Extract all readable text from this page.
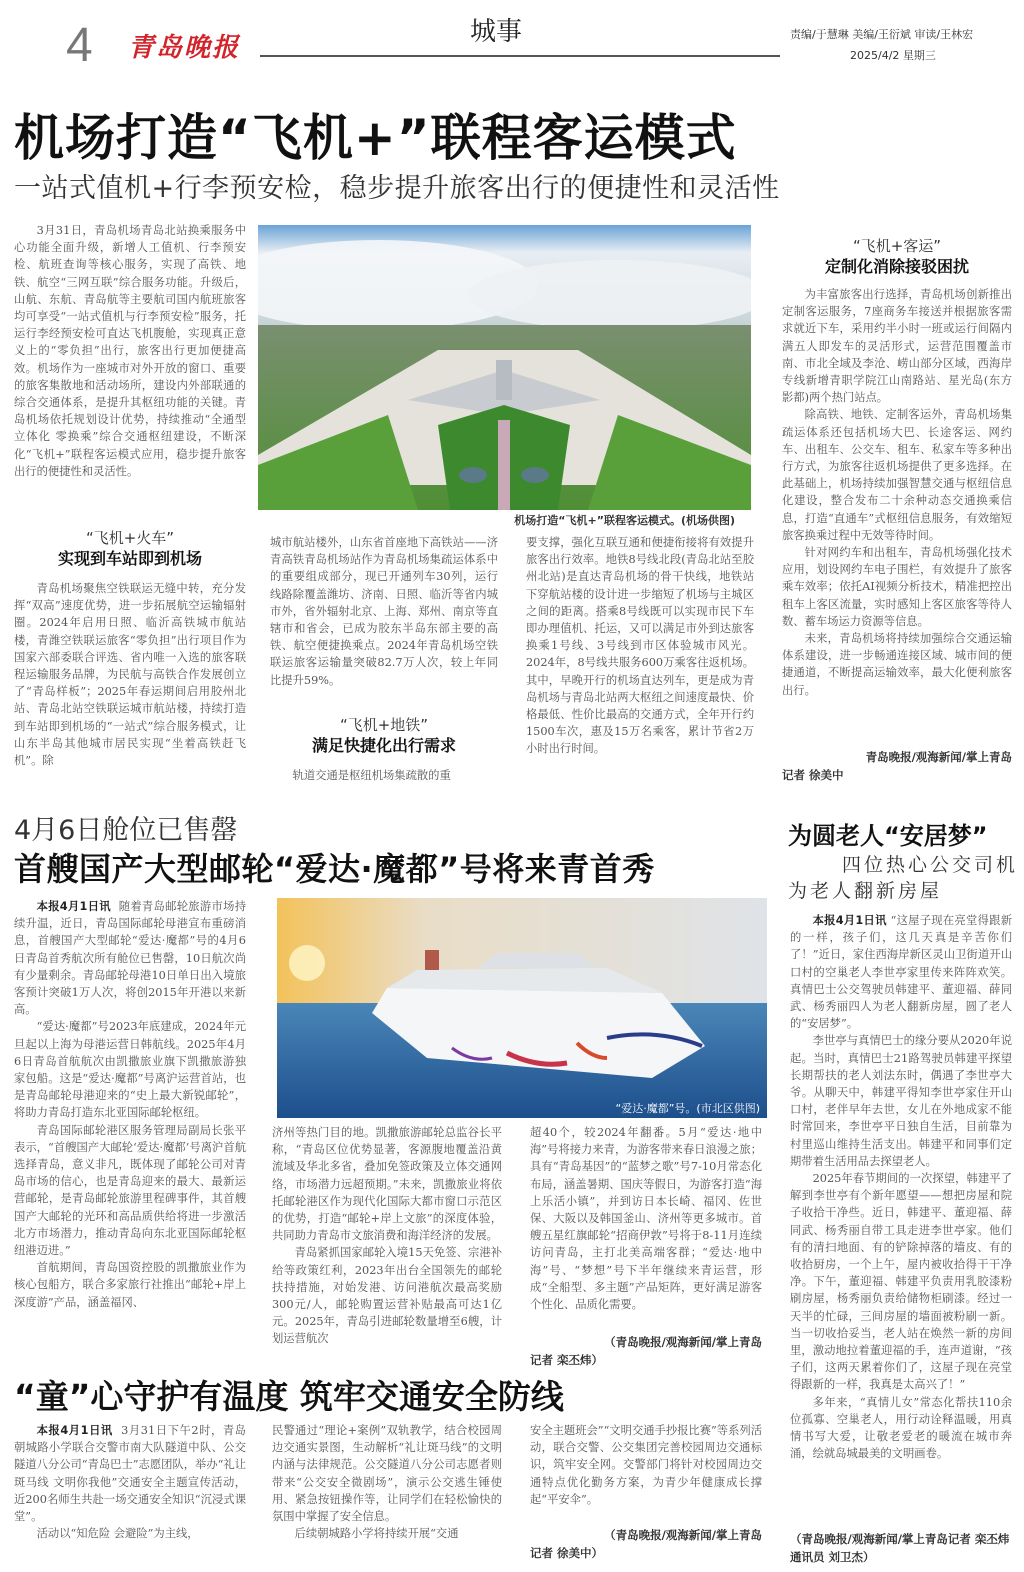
4 青岛晚报
城事	责编/于慧琳 美编/王衍斌 审读/王林宏
2025/4/2 星期三
机场打造“飞机+”联程客运模式
一站式值机+行李预安检，稳步提升旅客出行的便捷性和灵活性

3月31日，青岛机场青岛北站换乘服务中心功能全面升级，新增人工值机、行李预安检、航班查询等核心服务，实现了高铁、地铁、航空“三网互联”综合服务功能。升级后，山航、东航、青岛航等主要航司国内航班旅客均可享受“一站式值机与行李预安检”服务，托运行李经预安检可直达飞机腹舱，实现真正意义上的“零负担”出行，旅客出行更加便捷高效。机场作为一座城市对外开放的窗口、重要的旅客集散地和活动场所，建设内外部联通的综合交通体系，是提升其枢纽功能的关键。青岛机场依托规划设计优势，持续推动“全通型 立体化 零换乘”综合交通枢纽建设，不断深化“飞机+”联程客运模式应用，稳步提升旅客出行的便捷性和灵活性。

机场打造“飞机+”联程客运模式。(机场供图)
“飞机+火车”
实现到车站即到机场

青岛机场聚焦空铁联运无缝中转，充分发挥“双高”速度优势，进一步拓展航空运输辐射圈。2024年启用日照、临沂高铁城市航站楼，青潍空铁联运旅客“零负担”出行项目作为国家六部委联合评选、省内唯一入选的旅客联程运输服务品牌，为民航与高铁合作发展创立了“青岛样板”；2025年春运期间启用胶州北站、青岛北站空铁联运城市航站楼，持续打造到车站即到机场的“一站式”综合服务模式，让山东半岛其他城市居民实现“坐着高铁赶飞机”。除

城市航站楼外，山东省首座地下高铁站——济青高铁青岛机场站作为青岛机场集疏运体系中的重要组成部分，现已开通列车30列，运行线路除覆盖潍坊、济南、日照、临沂等省内城市外，省外辐射北京、上海、郑州、南京等直辖市和省会，已成为胶东半岛东部主要的高铁、航空便捷换乘点。2024年青岛机场空铁联运旅客运输量突破82.7万人次，较上年同比提升59%。
“飞机+地铁”
满足快捷化出行需求

轨道交通是枢纽机场集疏散的重

要支撑，强化互联互通和便捷衔接将有效提升旅客出行效率。地铁8号线北段(青岛北站至胶州北站)是直达青岛机场的骨干快线，地铁站下穿航站楼的设计进一步缩短了机场与主城区之间的距离。搭乘8号线既可以实现市民下车即办理值机、托运，又可以满足市外到达旅客换乘1号线、3号线到市区体验城市风光。2024年，8号线共服务600万乘客往返机场。其中，早晚开行的机场直达列车，更是成为青岛机场与青岛北站两大枢纽之间速度最快、价格最低、性价比最高的交通方式，全年开行约1500车次，惠及15万名乘客，累计节省2万小时出行时间。
“飞机+客运”
定制化消除接驳困扰

为丰富旅客出行选择，青岛机场创新推出定制客运服务，7座商务车接送并根据旅客需求就近下车，采用约半小时一班或运行间隔内满五人即发车的灵活形式，运营范围覆盖市南、市北全域及李沧、崂山部分区域，西海岸专线新增青职学院江山南路站、星光岛(东方影都)两个热门站点。

除高铁、地铁、定制客运外，青岛机场集疏运体系还包括机场大巴、长途客运、网约车、出租车、公交车、租车、私家车等多种出行方式，为旅客往返机场提供了更多选择。在此基础上，机场持续加强智慧交通与枢纽信息化建设，整合发布二十余种动态交通换乘信息，打造“直通车”式枢纽信息服务，有效缩短旅客换乘过程中无效等待时间。

针对网约车和出租车，青岛机场强化技术应用，划设网约车电子围栏，有效提升了旅客乘车效率；依托AI视频分析技术，精准把控出租车上客区流量，实时感知上客区旅客等待人数、蓄车场运力资源等信息。

未来，青岛机场将持续加强综合交通运输体系建设，进一步畅通连接区域、城市间的便捷通道，不断提高运输效率，最大化便利旅客出行。

青岛晚报/观海新闻/掌上青岛
记者 徐美中
4月6日舱位已售罄
首艘国产大型邮轮“爱达·魔都”号将来青首秀

本报4月1日讯 随着青岛邮轮旅游市场持续升温，近日，青岛国际邮轮母港宣布重磅消息，首艘国产大型邮轮“爱达·魔都”号的4月6日青岛首秀航次所有舱位已售罄，10日航次尚有少量剩余。青岛邮轮母港10日单日出入境旅客预计突破1万人次，将创2015年开港以来新高。

“爱达·魔都”号2023年底建成，2024年元旦起以上海为母港运营日韩航线。2025年4月6日青岛首航航次由凯撒旅业旗下凯撒旅游独家包船。这是“爱达·魔都”号离沪运营首站，也是青岛邮轮母港迎来的“史上最大新锐邮轮”，将助力青岛打造东北亚国际邮轮枢纽。

青岛国际邮轮港区服务管理局副局长张平表示，“首艘国产大邮轮‘爱达·魔都’号离沪首航选择青岛，意义非凡，既体现了邮轮公司对青岛市场的信心，也是青岛迎来的最大、最新运营邮轮，是青岛邮轮旅游里程碑事件，其首艘国产大邮轮的光环和高品质供给将进一步激活北方市场潜力，推动青岛向东北亚国际邮轮枢纽港迈进。”

首航期间，青岛国资控股的凯撒旅业作为核心包船方，联合多家旅行社推出“邮轮+岸上深度游”产品，涵盖福冈、

“爱达·魔都”号。(市北区供图)
济州等热门目的地。凯撒旅游邮轮总监谷长平称，“青岛区位优势显著，客源腹地覆盖沿黄流域及华北多省，叠加免签政策及立体交通网络，市场潜力远超预期。”未来，凯撒旅业将依托邮轮港区作为现代化国际大都市窗口示范区的优势，打造“邮轮+岸上文旅”的深度体验，共同助力青岛市文旅消费和海洋经济的发展。

青岛紧抓国家邮轮入境15天免签、宗港补给等政策红利，2023年出台全国领先的邮轮扶持措施，对始发港、访问港航次最高奖励300元/人，邮轮购置运营补贴最高可达1亿元。2025年，青岛引进邮轮数量增至6艘，计划运营航次

超40个，较2024年翻番。5月“爱达·地中海”号将接力来青，为游客带来春日浪漫之旅；具有“青岛基因”的“蓝梦之歌”号7-10月常态化布局，涵盖暑期、国庆等假日，为游客打造“海上乐活小镇”，并到访日本长崎、福冈、佐世保、大阪以及韩国釜山、济州等更多城市。首艘五星红旗邮轮“招商伊敦”号将于8-11月连续访问青岛，主打北美高端客群；“爱达·地中海”号、“梦想”号下半年继续来青运营，形成“全船型、多主题”产品矩阵，更好满足游客个性化、品质化需要。
（青岛晚报/观海新闻/掌上青岛
记者 栾丕炜）
为圆老人“安居梦”
四位热心公交司机
为老人翻新房屋

本报4月1日讯 “这屋子现在亮堂得跟新的一样，孩子们，这几天真是辛苦你们了！”近日，家住西海岸新区灵山卫街道开山口村的空巢老人李世亭家里传来阵阵欢笑。真情巴士公交驾驶员韩建平、董迎福、薛同武、杨秀丽四人为老人翻新房屋，圆了老人的“安居梦”。

李世亭与真情巴士的缘分要从2020年说起。当时，真情巴士21路驾驶员韩建平探望长期帮扶的老人刘法东时，偶遇了李世亭大爷。从聊天中，韩建平得知李世亭家住开山口村，老伴早年去世，女儿在外地成家不能时常回来，李世亭平日独自生活，目前靠为村里巡山维持生活支出。韩建平和同事们定期带着生活用品去探望老人。

2025年春节期间的一次探望，韩建平了解到李世亭有个新年愿望——想把房屋和院子收拾干净些。近日，韩建平、董迎福、薛同武、杨秀丽自带工具走进李世亭家。他们有的清扫地面、有的铲除掉落的墙皮、有的收拾厨房，一个上午，屋内被收拾得干干净净。下午，董迎福、韩建平负责用乳胶漆粉刷房屋，杨秀丽负责给储物柜刷漆。经过一天半的忙碌，三间房屋的墙面被粉刷一新。当一切收拾妥当，老人站在焕然一新的房间里，激动地拉着董迎福的手，连声道谢，“孩子们，这两天累着你们了，这屋子现在亮堂得跟新的一样，我真是太高兴了！”

多年来，“真情儿女”常态化帮扶110余位孤寡、空巢老人，用行动诠释温暖，用真情书写大爱，让敬老爱老的暖流在城市奔涌，绘就岛城最美的文明画卷。

（青岛晚报/观海新闻/掌上青岛记者 栾丕炜 通讯员 刘卫杰）
“童”心守护有温度 筑牢交通安全防线

本报4月1日讯 3月31日下午2时，青岛朝城路小学联合交警市南大队隧道中队、公交隧道八分公司“青岛巴士”志愿团队，举办“礼让斑马线 文明你我他”交通安全主题宣传活动，近200名师生共赴一场交通安全知识“沉浸式课堂”。

活动以“知危险 会避险”为主线，

民警通过“理论+案例”双轨教学，结合校园周边交通实景图，生动解析“礼让斑马线”的文明内涵与法律规范。公交隧道八分公司志愿者则带来“公交安全微剧场”，演示公交逃生锤使用、紧急按钮操作等，让同学们在轻松愉快的氛围中掌握了安全信息。

后续朝城路小学将持续开展“交通

安全主题班会”“文明交通手抄报比赛”等系列活动，联合交警、公交集团完善校园周边交通标识，筑牢安全网。交警部门将针对校园周边交通特点优化勤务方案，为青少年健康成长撑起“平安伞”。
（青岛晚报/观海新闻/掌上青岛
记者 徐美中）
